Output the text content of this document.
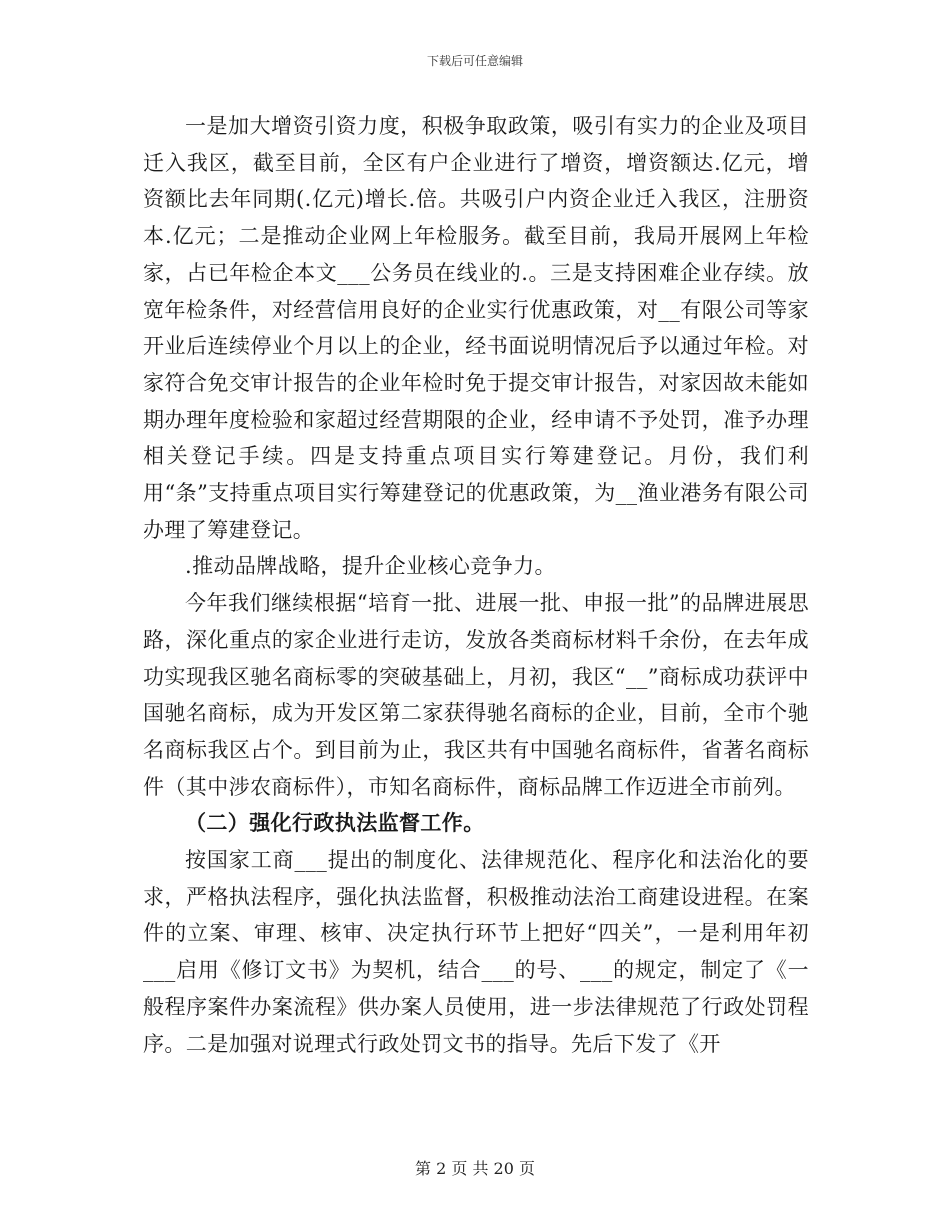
下载后可任意编辑

一是加大增资引资力度，积极争取政策，吸引有实力的企业及项目迁入我区，截至目前，全区有户企业进行了增资，增资额达.亿元，增资额比去年同期(.亿元)增长.倍。共吸引户内资企业迁入我区，注册资本.亿元；二是推动企业网上年检服务。截至目前，我局开展网上年检家，占已年检企本文___公务员在线业的.。三是支持困难企业存续。放宽年检条件，对经营信用良好的企业实行优惠政策，对__有限公司等家开业后连续停业个月以上的企业，经书面说明情况后予以通过年检。对家符合免交审计报告的企业年检时免于提交审计报告，对家因故未能如期办理年度检验和家超过经营期限的企业，经申请不予处罚，准予办理相关登记手续。四是支持重点项目实行筹建登记。月份，我们利用“条”支持重点项目实行筹建登记的优惠政策，为__渔业港务有限公司办理了筹建登记。

.推动品牌战略，提升企业核心竞争力。

今年我们继续根据“培育一批、进展一批、申报一批”的品牌进展思路，深化重点的家企业进行走访，发放各类商标材料千余份，在去年成功实现我区驰名商标零的突破基础上，月初，我区“__”商标成功获评中国驰名商标，成为开发区第二家获得驰名商标的企业，目前，全市个驰名商标我区占个。到目前为止，我区共有中国驰名商标件，省著名商标件（其中涉农商标件），市知名商标件，商标品牌工作迈进全市前列。

（二）强化行政执法监督工作。

按国家工商___提出的制度化、法律规范化、程序化和法治化的要求，严格执法程序，强化执法监督，积极推动法治工商建设进程。在案件的立案、审理、核审、决定执行环节上把好“四关”，一是利用年初___启用《修订文书》为契机，结合___的号、___的规定，制定了《一般程序案件办案流程》供办案人员使用，进一步法律规范了行政处罚程序。二是加强对说理式行政处罚文书的指导。先后下发了《开

第 2 页 共 20 页
